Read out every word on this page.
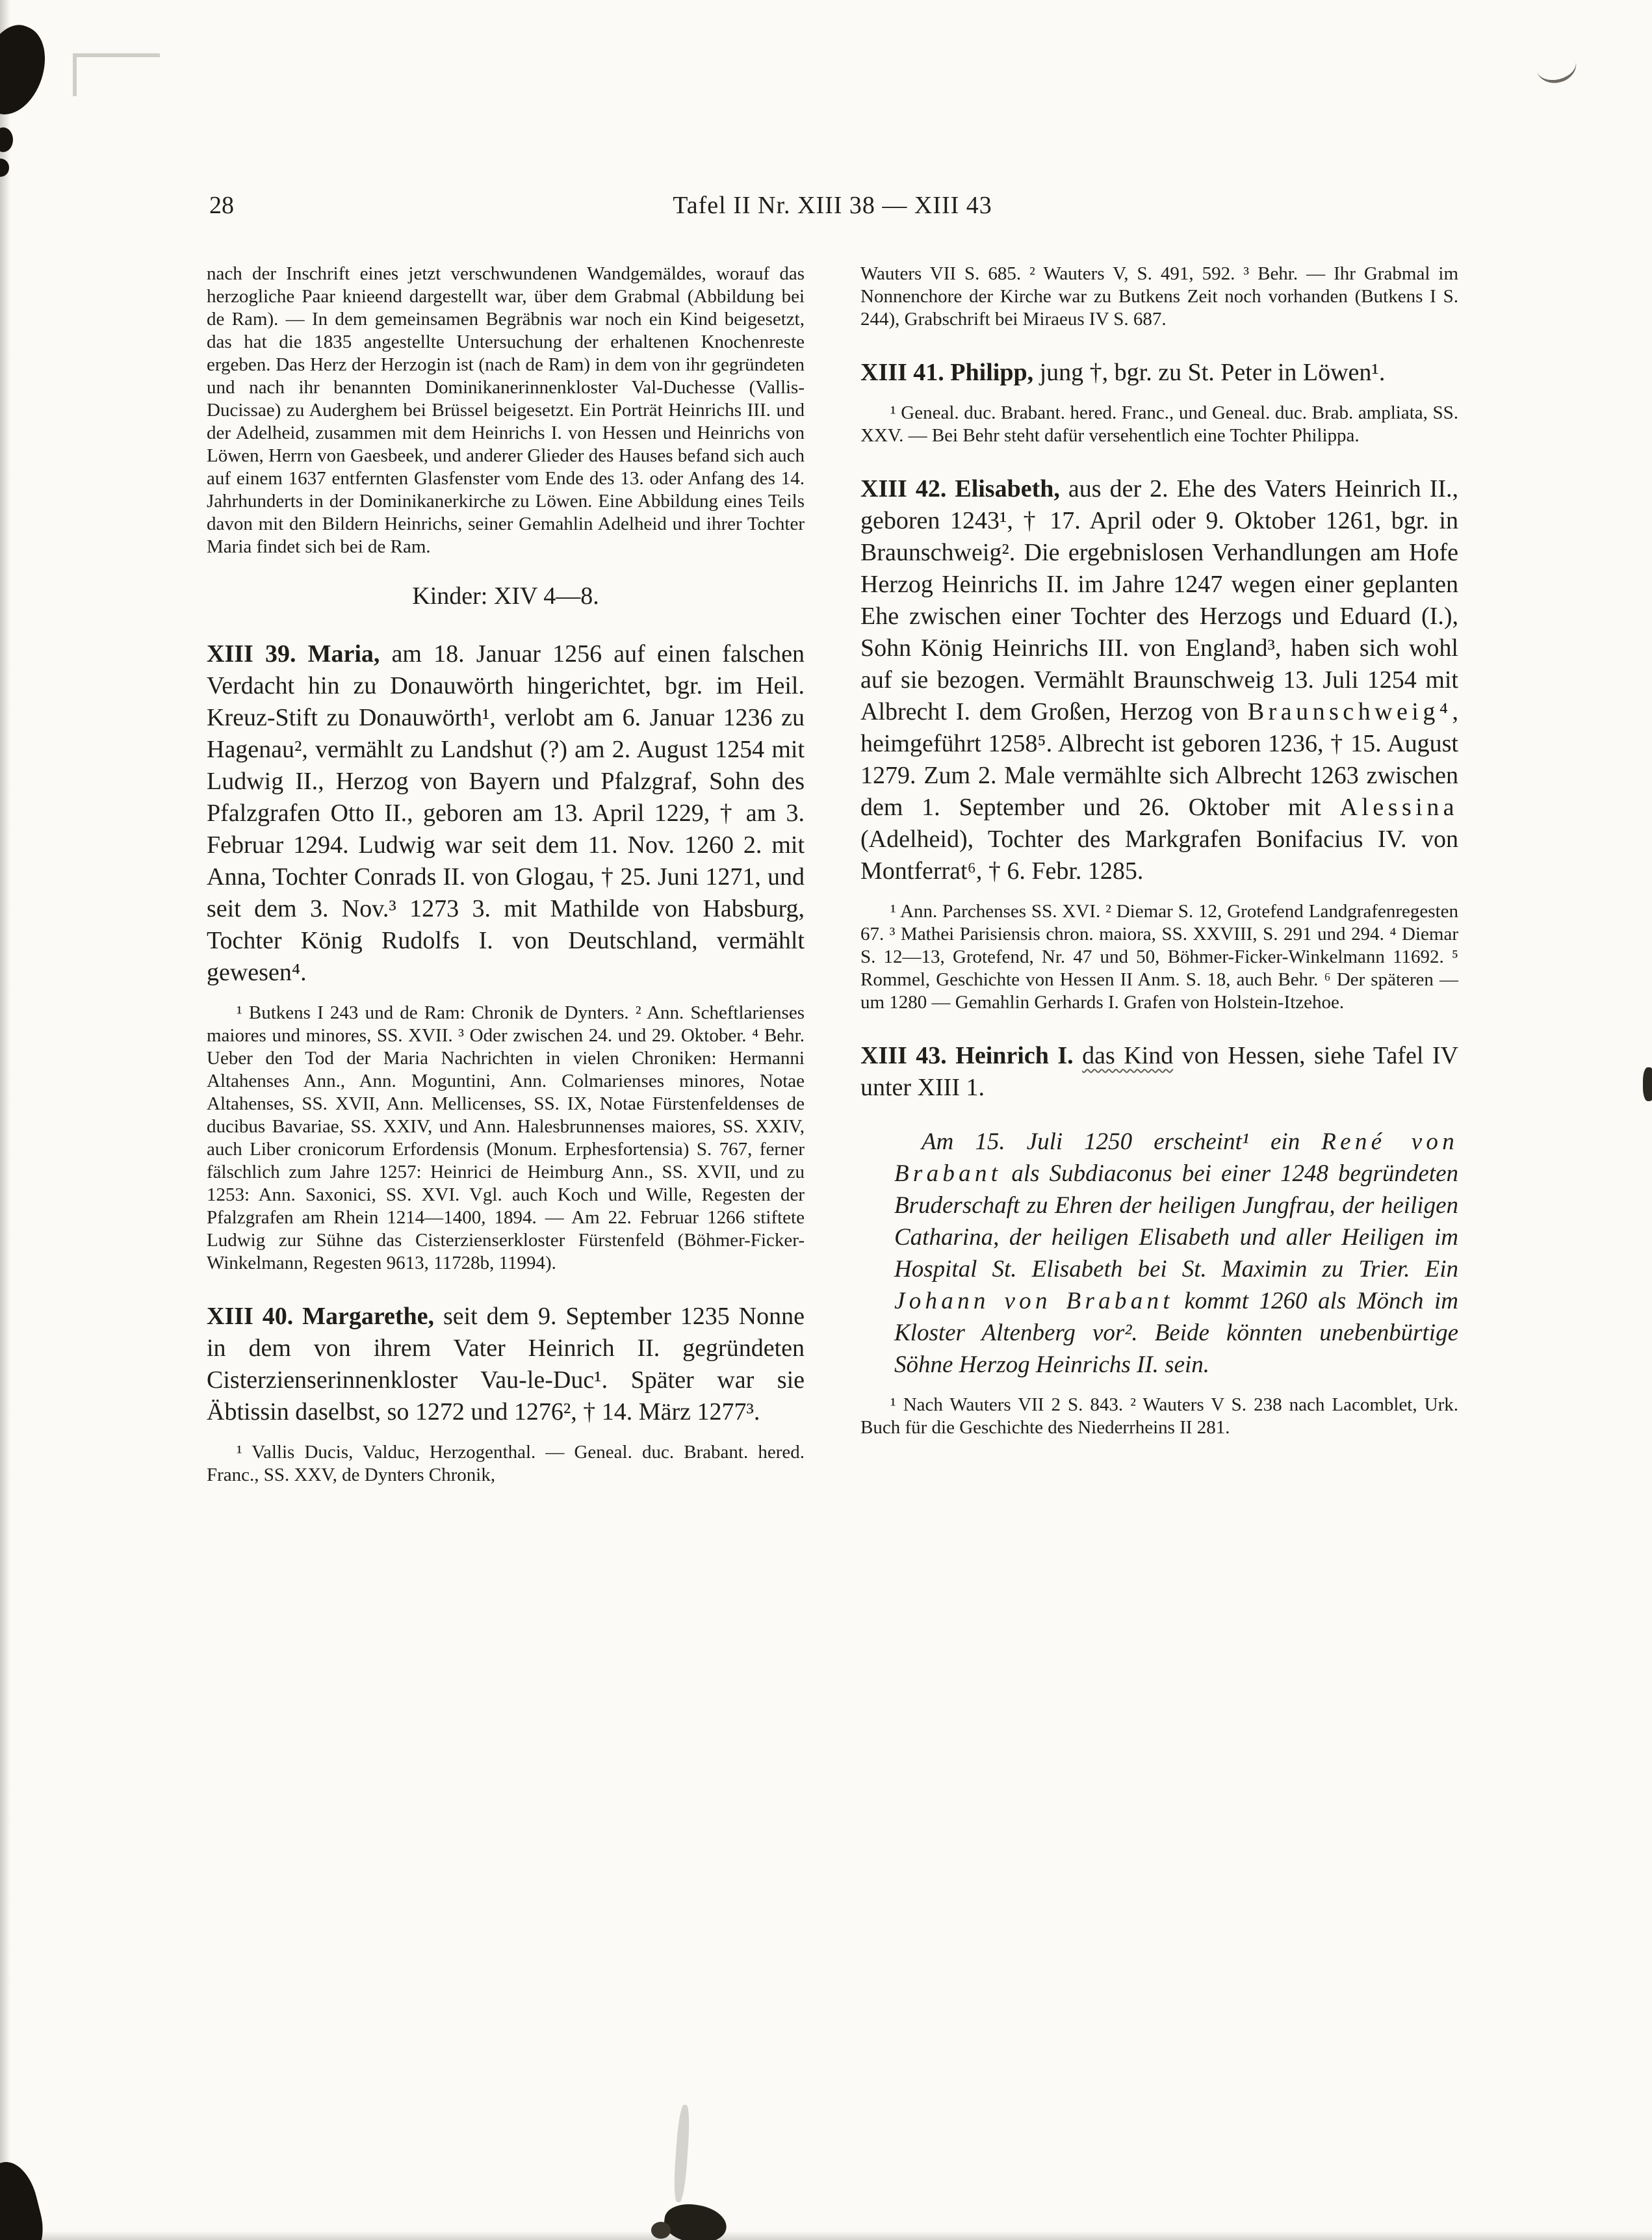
28	Tafel II Nr. XIII 38 — XIII 43

nach der Inschrift eines jetzt verschwundenen Wandgemäldes, worauf das herzogliche Paar knieend dargestellt war, über dem Grabmal (Abbildung bei de Ram). — In dem gemeinsamen Begräbnis war noch ein Kind beigesetzt, das hat die 1835 angestellte Untersuchung der erhaltenen Knochenreste ergeben. Das Herz der Herzogin ist (nach de Ram) in dem von ihr gegründeten und nach ihr benannten Dominikanerinnenkloster Val-Duchesse (Vallis-Ducissae) zu Auderghem bei Brüssel beigesetzt. Ein Porträt Heinrichs III. und der Adelheid, zusammen mit dem Heinrichs I. von Hessen und Heinrichs von Löwen, Herrn von Gaesbeek, und anderer Glieder des Hauses befand sich auch auf einem 1637 entfernten Glasfenster vom Ende des 13. oder Anfang des 14. Jahrhunderts in der Dominikanerkirche zu Löwen. Eine Abbildung eines Teils davon mit den Bildern Heinrichs, seiner Gemahlin Adelheid und ihrer Tochter Maria findet sich bei de Ram.

Kinder: XIV 4—8.

XIII 39. Maria, am 18. Januar 1256 auf einen falschen Verdacht hin zu Donauwörth hingerichtet, bgr. im Heil. Kreuz-Stift zu Donauwörth¹, verlobt am 6. Januar 1236 zu Hagenau², vermählt zu Landshut (?) am 2. August 1254 mit Ludwig II., Herzog von Bayern und Pfalzgraf, Sohn des Pfalzgrafen Otto II., geboren am 13. April 1229, † am 3. Februar 1294. Ludwig war seit dem 11. Nov. 1260 2. mit Anna, Tochter Conrads II. von Glogau, † 25. Juni 1271, und seit dem 3. Nov.³ 1273 3. mit Mathilde von Habsburg, Tochter König Rudolfs I. von Deutschland, vermählt gewesen⁴.

¹ Butkens I 243 und de Ram: Chronik de Dynters. ² Ann. Scheftlarienses maiores und minores, SS. XVII. ³ Oder zwischen 24. und 29. Oktober. ⁴ Behr. Ueber den Tod der Maria Nachrichten in vielen Chroniken: Hermanni Altahenses Ann., Ann. Moguntini, Ann. Colmarienses minores, Notae Altahenses, SS. XVII, Ann. Mellicenses, SS. IX, Notae Fürstenfeldenses de ducibus Bavariae, SS. XXIV, und Ann. Halesbrunnenses maiores, SS. XXIV, auch Liber cronicorum Erfordensis (Monum. Erphesfortensia) S. 767, ferner fälschlich zum Jahre 1257: Heinrici de Heimburg Ann., SS. XVII, und zu 1253: Ann. Saxonici, SS. XVI. Vgl. auch Koch und Wille, Regesten der Pfalzgrafen am Rhein 1214—1400, 1894. — Am 22. Februar 1266 stiftete Ludwig zur Sühne das Cisterzienserkloster Fürstenfeld (Böhmer-Ficker-Winkelmann, Regesten 9613, 11728b, 11994).

XIII 40. Margarethe, seit dem 9. September 1235 Nonne in dem von ihrem Vater Heinrich II. gegründeten Cisterzienserinnenkloster Vau-le-Duc¹. Später war sie Äbtissin daselbst, so 1272 und 1276², † 14. März 1277³.

¹ Vallis Ducis, Valduc, Herzogenthal. — Geneal. duc. Brabant. hered. Franc., SS. XXV, de Dynters Chronik,

Wauters VII S. 685. ² Wauters V, S. 491, 592. ³ Behr. — Ihr Grabmal im Nonnenchore der Kirche war zu Butkens Zeit noch vorhanden (Butkens I S. 244), Grabschrift bei Miraeus IV S. 687.

XIII 41. Philipp, jung †, bgr. zu St. Peter in Löwen¹.

¹ Geneal. duc. Brabant. hered. Franc., und Geneal. duc. Brab. ampliata, SS. XXV. — Bei Behr steht dafür versehentlich eine Tochter Philippa.

XIII 42. Elisabeth, aus der 2. Ehe des Vaters Heinrich II., geboren 1243¹, † 17. April oder 9. Oktober 1261, bgr. in Braunschweig². Die ergebnislosen Verhandlungen am Hofe Herzog Heinrichs II. im Jahre 1247 wegen einer geplanten Ehe zwischen einer Tochter des Herzogs und Eduard (I.), Sohn König Heinrichs III. von England³, haben sich wohl auf sie bezogen. Vermählt Braunschweig 13. Juli 1254 mit Albrecht I. dem Großen, Herzog von Braunschweig⁴, heimgeführt 1258⁵. Albrecht ist geboren 1236, † 15. August 1279. Zum 2. Male vermählte sich Albrecht 1263 zwischen dem 1. September und 26. Oktober mit Alessina (Adelheid), Tochter des Markgrafen Bonifacius IV. von Montferrat⁶, † 6. Febr. 1285.

¹ Ann. Parchenses SS. XVI. ² Diemar S. 12, Grotefend Landgrafenregesten 67. ³ Mathei Parisiensis chron. maiora, SS. XXVIII, S. 291 und 294. ⁴ Diemar S. 12—13, Grotefend, Nr. 47 und 50, Böhmer-Ficker-Winkelmann 11692. ⁵ Rommel, Geschichte von Hessen II Anm. S. 18, auch Behr. ⁶ Der späteren — um 1280 — Gemahlin Gerhards I. Grafen von Holstein-Itzehoe.

XIII 43. Heinrich I. das Kind von Hessen, siehe Tafel IV unter XIII 1.

Am 15. Juli 1250 erscheint¹ ein René von Brabant als Subdiaconus bei einer 1248 begründeten Bruderschaft zu Ehren der heiligen Jungfrau, der heiligen Catharina, der heiligen Elisabeth und aller Heiligen im Hospital St. Elisabeth bei St. Maximin zu Trier. Ein Johann von Brabant kommt 1260 als Mönch im Kloster Altenberg vor². Beide könnten unebenbürtige Söhne Herzog Heinrichs II. sein.

¹ Nach Wauters VII 2 S. 843. ² Wauters V S. 238 nach Lacomblet, Urk. Buch für die Geschichte des Niederrheins II 281.
